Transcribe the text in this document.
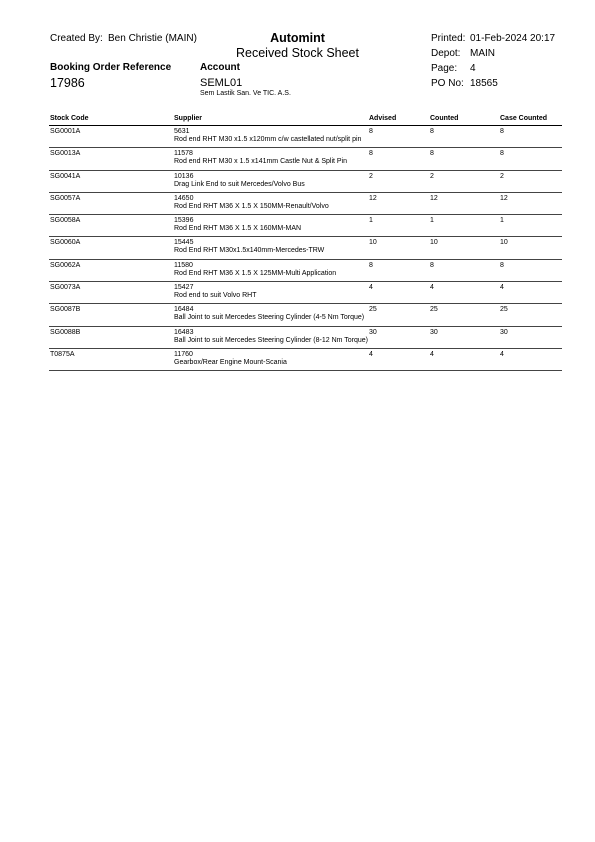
Created By: Ben Christie (MAIN)	Automint
Received Stock Sheet
Printed: 01-Feb-2024 20:17
Depot: MAIN
Page: 4
PO No: 18565
Booking Order Reference
17986
Account
SEML01
Sem Lastik San. Ve TIC. A.S.
Stock Code	Supplier	Advised	Counted	Case Counted
SG0001A	5631
Rod end RHT M30 x1.5 x120mm c/w castellated nut/split pin
8	8	8
SG0013A	11578
Rod end RHT M30 x 1.5 x141mm Castle Nut & Split Pin
8	8	8
SG0041A	10136
Drag Link End to suit Mercedes/Volvo Bus
2	2	2
SG0057A	14650
Rod End RHT M36 X 1.5 X 150MM-Renault/Volvo
12	12	12
SG0058A	15396
Rod End RHT M36 X 1.5 X 160MM-MAN
1	1	1
SG0060A	15445
Rod End RHT M30x1.5x140mm-Mercedes-TRW
10	10	10
SG0062A	11580
Rod End RHT M36 X 1.5 X 125MM-Multi Application
8	8	8
SG0073A	15427
Rod end to suit Volvo RHT
4	4	4
SG0087B	16484
Ball Joint to suit Mercedes Steering Cylinder (4-5 Nm Torque)
25	25	25
SG0088B	16483
Ball Joint to suit Mercedes Steering Cylinder (8-12 Nm Torque)
30	30	30
T0875A	11760
Gearbox/Rear Engine Mount-Scania
4	4	4
